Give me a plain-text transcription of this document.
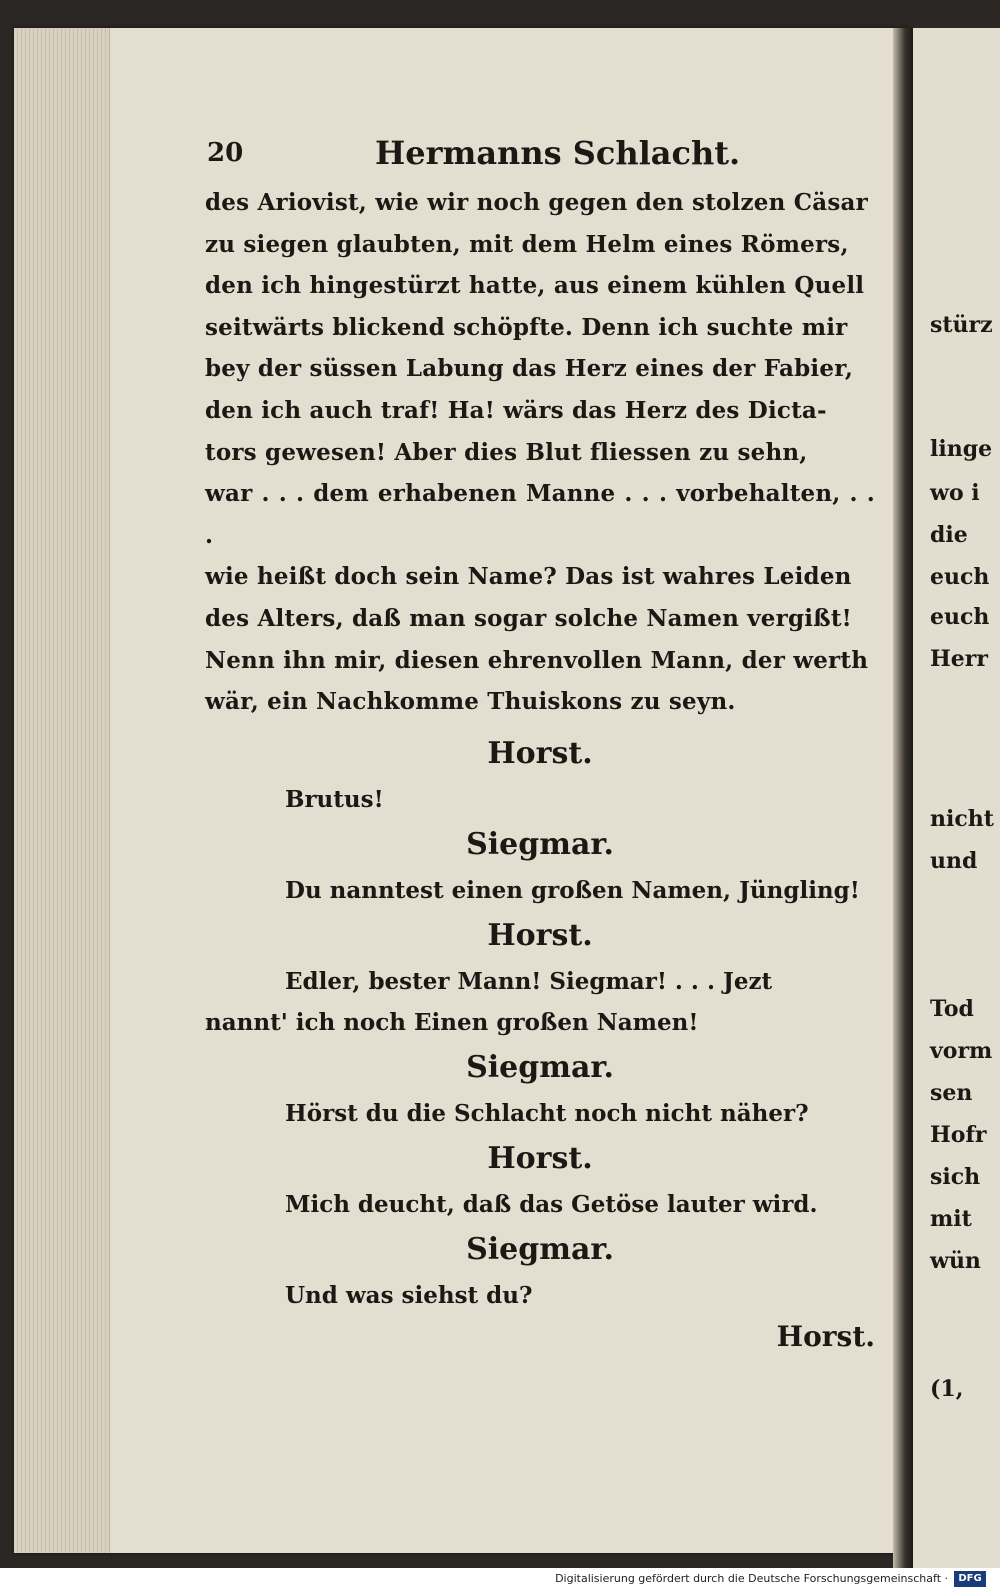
20	Hermanns Schlacht.

des Ariovist, wie wir noch gegen den stolzen Cäsar

zu siegen glaubten, mit dem Helm eines Römers,

den ich hingestürzt hatte, aus einem kühlen Quell

seitwärts blickend schöpfte. Denn ich suchte mir

bey der süssen Labung das Herz eines der Fabier,

den ich auch traf! Ha! wärs das Herz des Dicta-

tors gewesen! Aber dies Blut fliessen zu sehn,

war . . . dem erhabenen Manne . . . vorbehalten, . . .

wie heißt doch sein Name? Das ist wahres Leiden

des Alters, daß man sogar solche Namen vergißt!

Nenn ihn mir, diesen ehrenvollen Mann, der werth

wär, ein Nachkomme Thuiskons zu seyn.

Horst.

Brutus!

Siegmar.

Du nanntest einen großen Namen, Jüngling!

Horst.

Edler, bester Mann! Siegmar! . . . Jezt

nannt' ich noch Einen großen Namen!

Siegmar.

Hörst du die Schlacht noch nicht näher?

Horst.

Mich deucht, daß das Getöse lauter wird.

Siegmar.

Und was siehst du?

Horst.
stürz
linge
wo i
die
euch
euch
Herr
nicht
und
Tod
vorm
sen
Hofr
sich
mit
wün
(1,
Digitalisierung gefördert durch die Deutsche Forschungsgemeinschaft ·	DFG
